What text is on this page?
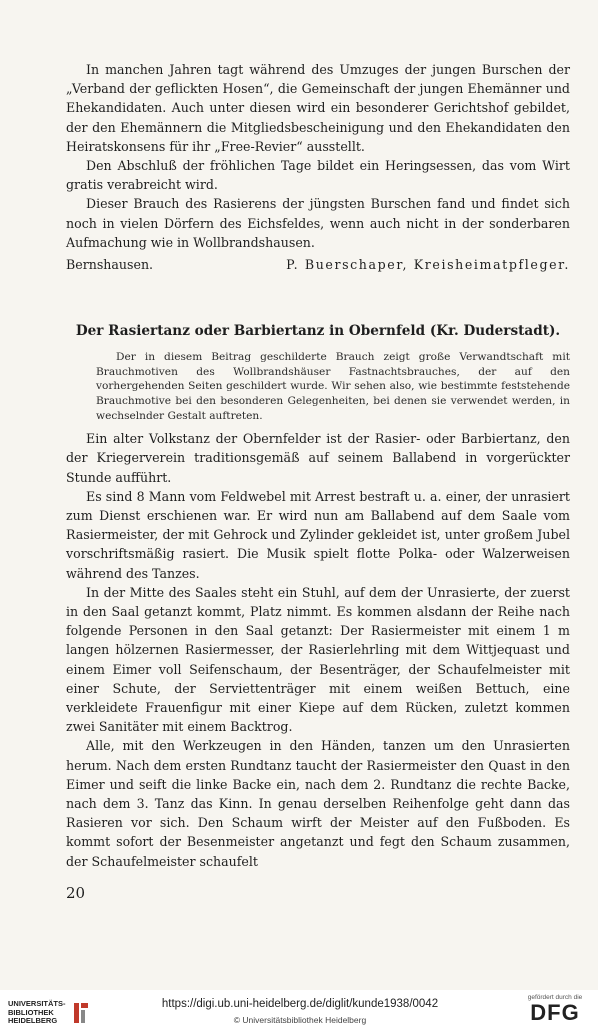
In manchen Jahren tagt während des Umzuges der jungen Burschen der „Verband der geflickten Hosen“, die Gemeinschaft der jungen Ehemänner und Ehekandidaten. Auch unter diesen wird ein besonderer Gerichtshof gebildet, der den Ehemännern die Mitgliedsbescheinigung und den Ehekandidaten den Heiratskonsens für ihr „Free-Revier“ ausstellt.

Den Abschluß der fröhlichen Tage bildet ein Heringsessen, das vom Wirt gratis verabreicht wird.

Dieser Brauch des Rasierens der jüngsten Burschen fand und findet sich noch in vielen Dörfern des Eichsfeldes, wenn auch nicht in der sonderbaren Aufmachung wie in Wollbrandshausen.

Bernshausen.	P. Buerschaper, Kreisheimatpfleger.
Der Rasiertanz oder Barbiertanz in Obernfeld (Kr. Duderstadt).

Der in diesem Beitrag geschilderte Brauch zeigt große Verwandtschaft mit Brauchmotiven des Wollbrandshäuser Fastnachtsbrauches, der auf den vorhergehenden Seiten geschildert wurde. Wir sehen also, wie bestimmte feststehende Brauchmotive bei den besonderen Gelegenheiten, bei denen sie verwendet werden, in wechselnder Gestalt auftreten.

Ein alter Volkstanz der Obernfelder ist der Rasier- oder Barbiertanz, den der Kriegerverein traditionsgemäß auf seinem Ballabend in vorgerückter Stunde aufführt.

Es sind 8 Mann vom Feldwebel mit Arrest bestraft u. a. einer, der unrasiert zum Dienst erschienen war. Er wird nun am Ballabend auf dem Saale vom Rasiermeister, der mit Gehrock und Zylinder gekleidet ist, unter großem Jubel vorschriftsmäßig rasiert. Die Musik spielt flotte Polka- oder Walzerweisen während des Tanzes.

In der Mitte des Saales steht ein Stuhl, auf dem der Unrasierte, der zuerst in den Saal getanzt kommt, Platz nimmt. Es kommen alsdann der Reihe nach folgende Personen in den Saal getanzt: Der Rasiermeister mit einem 1 m langen hölzernen Rasiermesser, der Rasierlehrling mit dem Wittjequast und einem Eimer voll Seifenschaum, der Besenträger, der Schaufelmeister mit einer Schute, der Serviettenträger mit einem weißen Bettuch, eine verkleidete Frauenfigur mit einer Kiepe auf dem Rücken, zuletzt kommen zwei Sanitäter mit einem Backtrog.

Alle, mit den Werkzeugen in den Händen, tanzen um den Unrasierten herum. Nach dem ersten Rundtanz taucht der Rasiermeister den Quast in den Eimer und seift die linke Backe ein, nach dem 2. Rundtanz die rechte Backe, nach dem 3. Tanz das Kinn. In genau derselben Reihenfolge geht dann das Rasieren vor sich. Den Schaum wirft der Meister auf den Fußboden. Es kommt sofort der Besenmeister angetanzt und fegt den Schaum zusammen, der Schaufelmeister schaufelt

20
UNIVERSITÄTS-
BIBLIOTHEK
HEIDELBERG
https://digi.ub.uni-heidelberg.de/diglit/kunde1938/0042
© Universitätsbibliothek Heidelberg
gefördert durch die
DFG
